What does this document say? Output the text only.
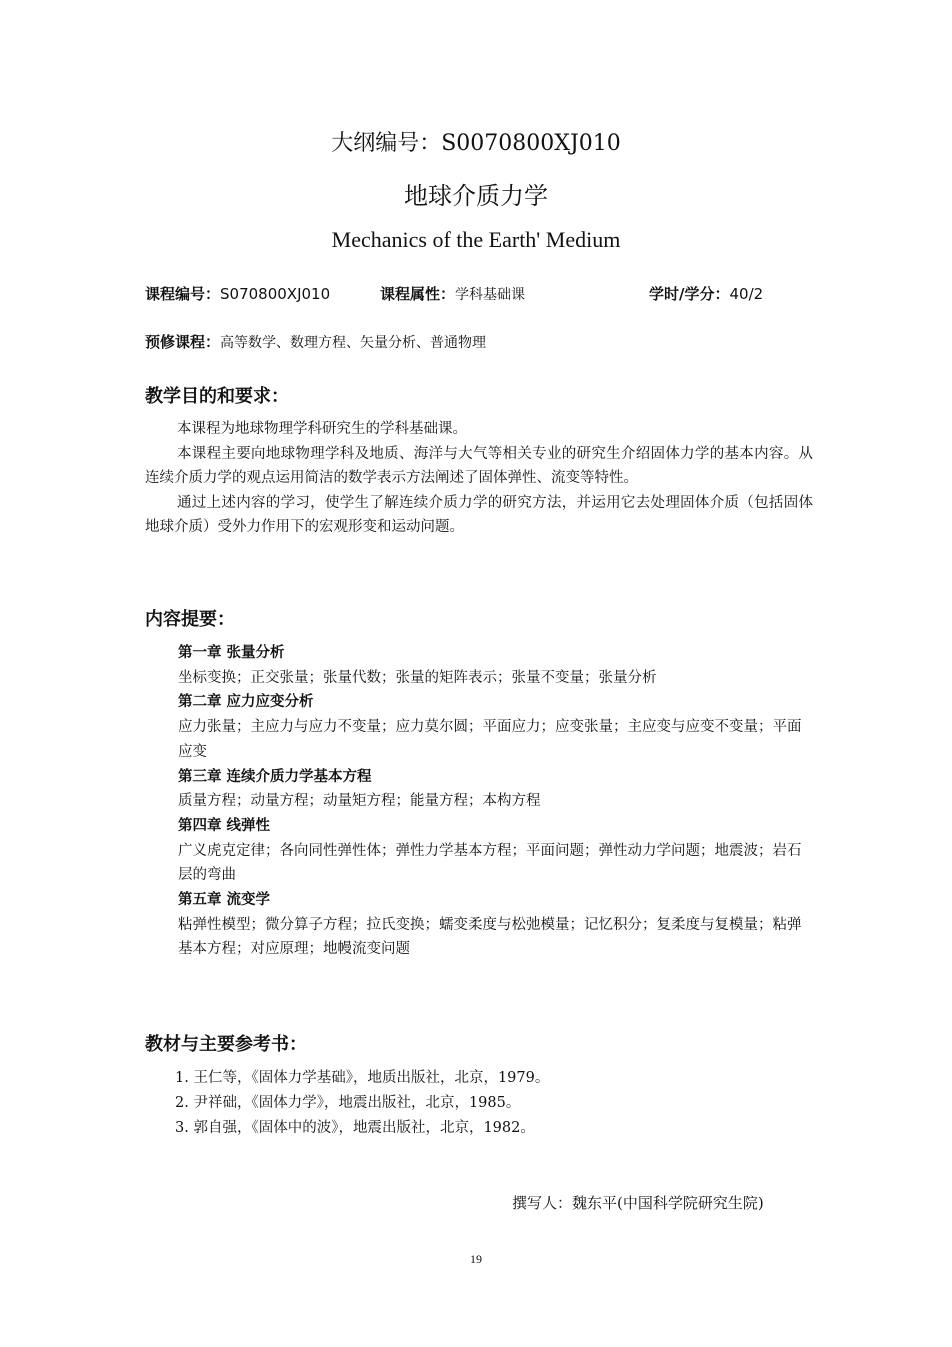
大纲编号：S0070800XJ010
地球介质力学
Mechanics of the Earth' Medium
课程编号：S070800XJ010	课程属性：学科基础课	学时/学分：40/2
预修课程：高等数学、数理方程、矢量分析、普通物理
教学目的和要求：

本课程为地球物理学科研究生的学科基础课。

本课程主要向地球物理学科及地质、海洋与大气等相关专业的研究生介绍固体力学的基本内容。从连续介质力学的观点运用简洁的数学表示方法阐述了固体弹性、流变等特性。

通过上述内容的学习，使学生了解连续介质力学的研究方法，并运用它去处理固体介质（包括固体地球介质）受外力作用下的宏观形变和运动问题。

内容提要：
第一章 张量分析

坐标变换；正交张量；张量代数；张量的矩阵表示；张量不变量；张量分析

第二章 应力应变分析

应力张量；主应力与应力不变量；应力莫尔圆；平面应力；应变张量；主应变与应变不变量；平面应变

第三章 连续介质力学基本方程

质量方程；动量方程；动量矩方程；能量方程；本构方程

第四章 线弹性

广义虎克定律；各向同性弹性体；弹性力学基本方程；平面问题；弹性动力学问题；地震波；岩石层的弯曲

第五章 流变学

粘弹性模型；微分算子方程；拉氏变换；蠕变柔度与松弛模量；记忆积分；复柔度与复模量；粘弹基本方程；对应原理；地幔流变问题

教材与主要参考书：
1. 王仁等，《固体力学基础》，地质出版社，北京，1979。
2. 尹祥础，《固体力学》，地震出版社，北京，1985。
3. 郭自强，《固体中的波》，地震出版社，北京，1982。
撰写人：魏东平(中国科学院研究生院)
19
